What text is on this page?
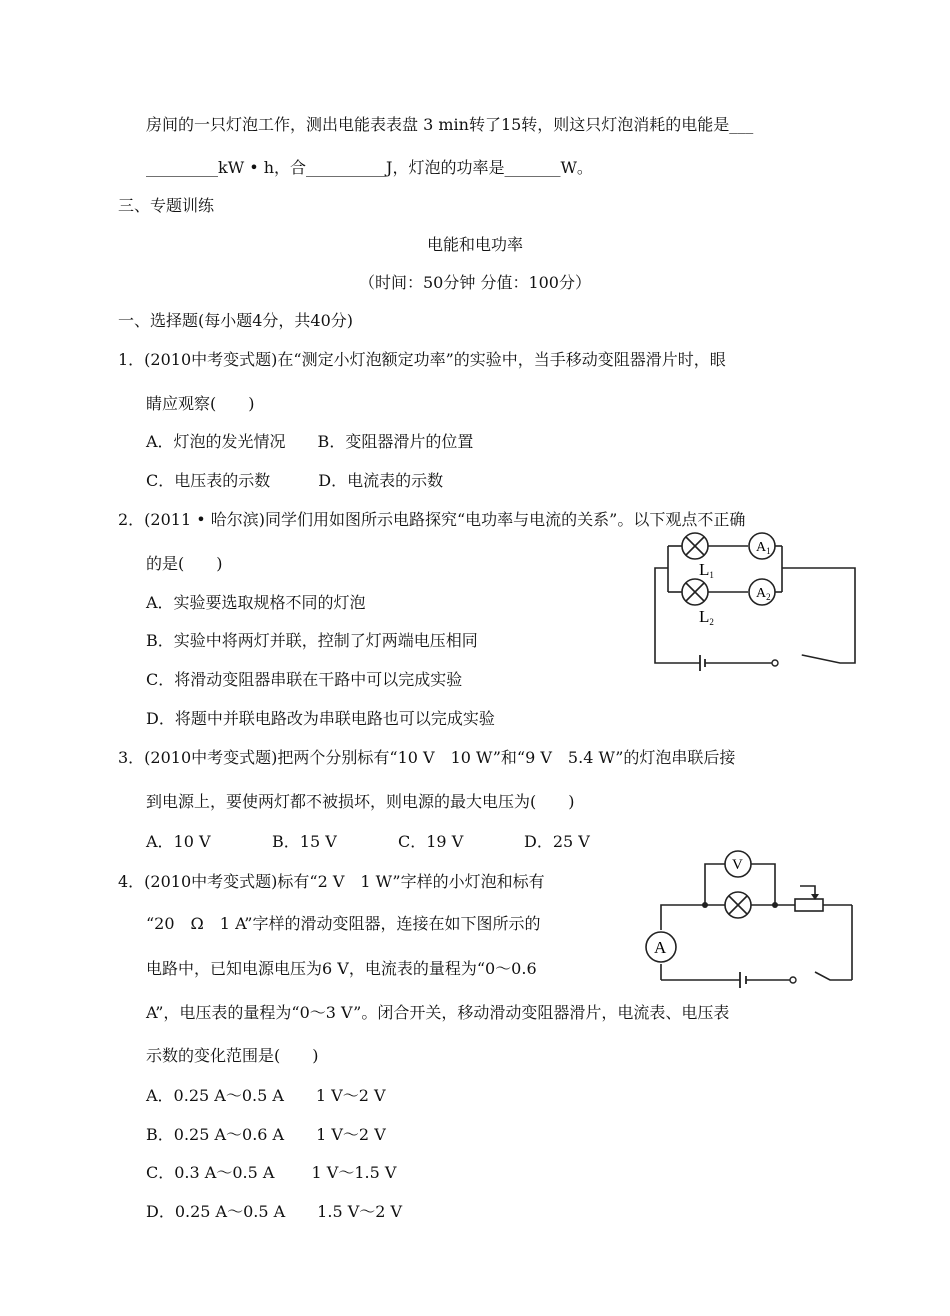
房间的一只灯泡工作，测出电能表表盘 3 min转了15转，则这只灯泡消耗的电能是___
_________kW • h，合__________J，灯泡的功率是_______W。
三、专题训练
电能和电功率
（时间：50分钟 分值：100分）
一、选择题(每小题4分，共40分)
1．(2010中考变式题)在“测定小灯泡额定功率”的实验中，当手移动变阻器滑片时，眼
睛应观察(　　)
A．灯泡的发光情况　　B．变阻器滑片的位置
C．电压表的示数　　　D．电流表的示数
2．(2011 • 哈尔滨)同学们用如图所示电路探究“电功率与电流的关系”。以下观点不正确
的是(　　)
A．实验要选取规格不同的灯泡
B．实验中将两灯并联，控制了灯两端电压相同
C．将滑动变阻器串联在干路中可以完成实验
D．将题中并联电路改为串联电路也可以完成实验
$A_1$
$A_2$
L1
L2
3．(2010中考变式题)把两个分别标有“10 V　10 W”和“9 V　5.4 W”的灯泡串联后接
到电源上，要使两灯都不被损坏，则电源的最大电压为(　　)
A．10 V	B．15 V	C．19 V	D．25 V
4．(2010中考变式题)标有“2 V　1 W”字样的小灯泡和标有
“20　Ω　1 A”字样的滑动变阻器，连接在如下图所示的
电路中，已知电源电压为6 V，电流表的量程为“0～0.6
A”，电压表的量程为“0～3 V”。闭合开关，移动滑动变阻器滑片，电流表、电压表
示数的变化范围是(　　)
A．0.25 A～0.5 A　　1 V～2 V
B．0.25 A～0.6 A　　1 V～2 V
C．0.3 A～0.5 A　　 1 V～1.5 V
D．0.25 A～0.5 A　　1.5 V～2 V
V
A
